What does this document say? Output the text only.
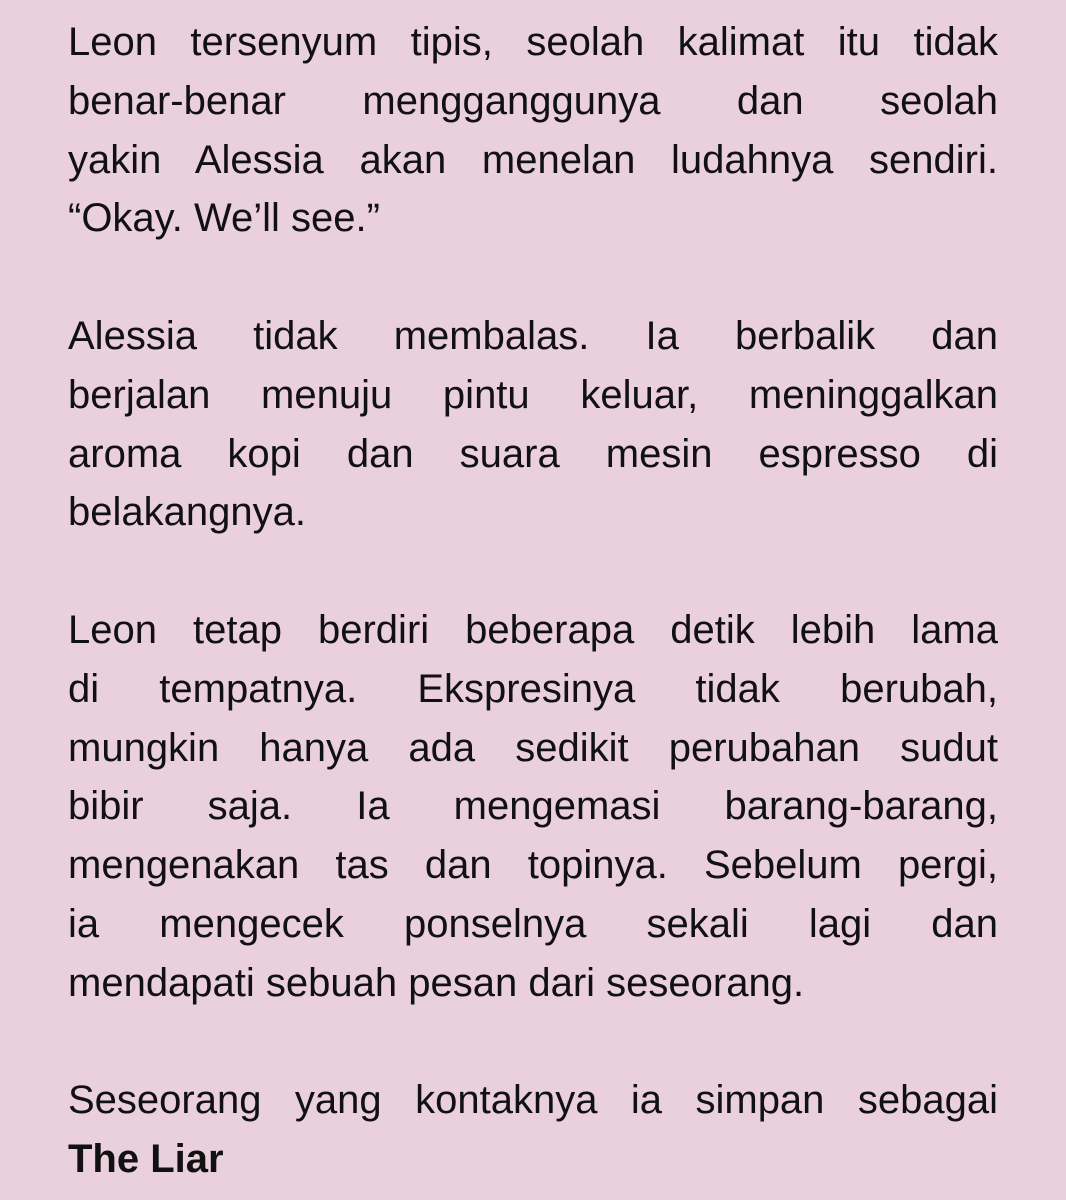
Leon tersenyum tipis, seolah kalimat itu tidak
benar-benar mengganggunya dan seolah
yakin Alessia akan menelan ludahnya sendiri.
“Okay. We’ll see.”

Alessia tidak membalas. Ia berbalik dan
berjalan menuju pintu keluar, meninggalkan
aroma kopi dan suara mesin espresso di
belakangnya.

Leon tetap berdiri beberapa detik lebih lama
di tempatnya. Ekspresinya tidak berubah,
mungkin hanya ada sedikit perubahan sudut
bibir saja. Ia mengemasi barang-barang,
mengenakan tas dan topinya. Sebelum pergi,
ia mengecek ponselnya sekali lagi dan
mendapati sebuah pesan dari seseorang.

Seseorang yang kontaknya ia simpan sebagai
The Liar
